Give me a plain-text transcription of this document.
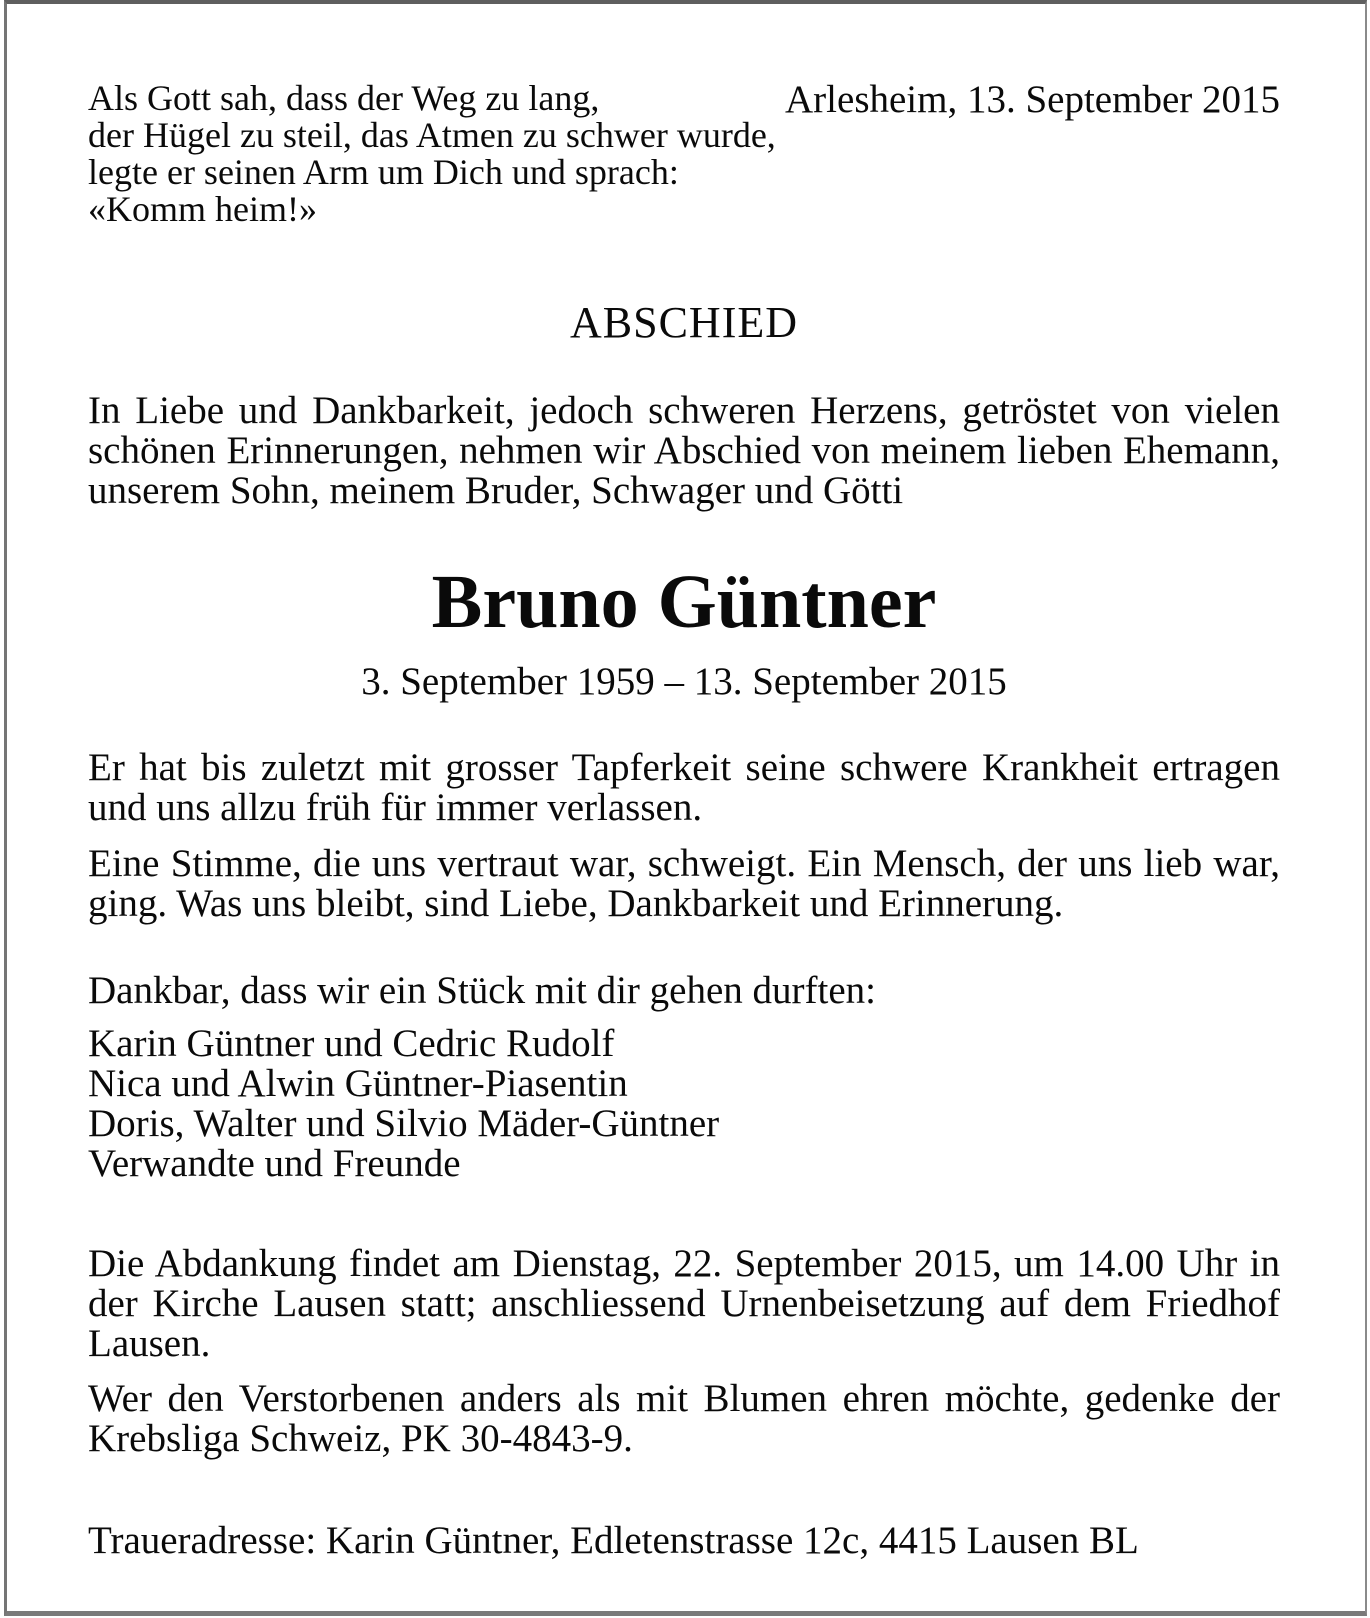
Als Gott sah, dass der Weg zu lang,
der Hügel zu steil, das Atmen zu schwer wurde,
legte er seinen Arm um Dich und sprach:
«Komm heim!»
Arlesheim, 13. September 2015
ABSCHIED
In Liebe und Dankbarkeit, jedoch schweren Herzens, getröstet von vielen
schönen Erinnerungen, nehmen wir Abschied von meinem lieben Ehemann,
unserem Sohn, meinem Bruder, Schwager und Götti
Bruno Güntner
3. September 1959 – 13. September 2015
Er hat bis zuletzt mit grosser Tapferkeit seine schwere Krankheit ertragen
und uns allzu früh für immer verlassen.
Eine Stimme, die uns vertraut war, schweigt. Ein Mensch, der uns lieb war,
ging. Was uns bleibt, sind Liebe, Dankbarkeit und Erinnerung.
Dankbar, dass wir ein Stück mit dir gehen durften:
Karin Güntner und Cedric Rudolf
Nica und Alwin Güntner-Piasentin
Doris, Walter und Silvio Mäder-Güntner
Verwandte und Freunde
Die Abdankung findet am Dienstag, 22. September 2015, um 14.00 Uhr in
der Kirche Lausen statt; anschliessend Urnenbeisetzung auf dem Friedhof
Lausen.
Wer den Verstorbenen anders als mit Blumen ehren möchte, gedenke der
Krebsliga Schweiz, PK 30-4843-9.
Traueradresse: Karin Güntner, Edletenstrasse 12c, 4415 Lausen BL
